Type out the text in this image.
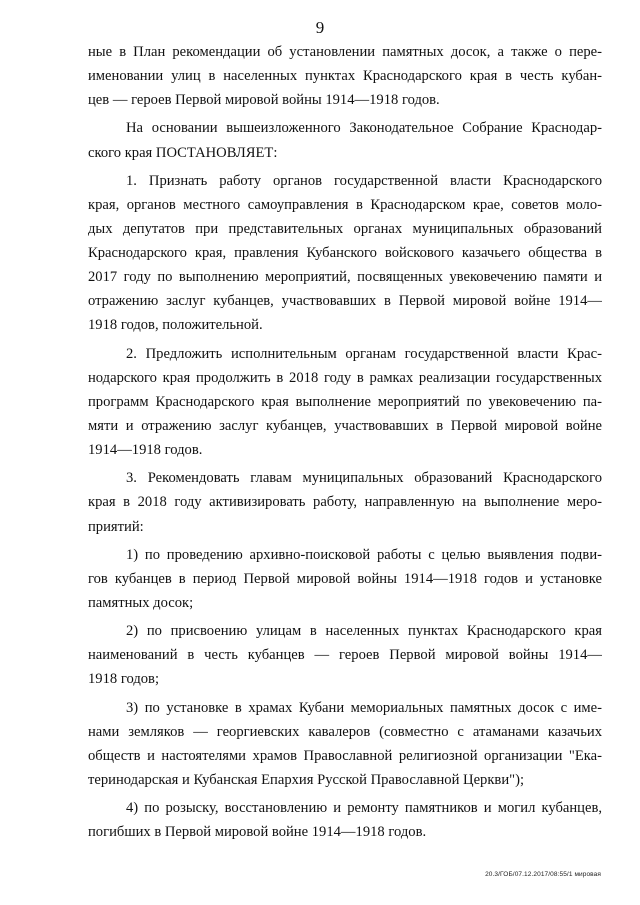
9
ные в План рекомендации об установлении памятных досок, а также о пере-
именовании улиц в населенных пунктах Краснодарского края в честь кубан-
цев — героев Первой мировой войны 1914—1918 годов.
На основании вышеизложенного Законодательное Собрание Краснодар-
ского края ПОСТАНОВЛЯЕТ:
1. Признать работу органов государственной власти Краснодарского
края, органов местного самоуправления в Краснодарском крае, советов моло-
дых депутатов при представительных органах муниципальных образований
Краснодарского края, правления Кубанского войскового казачьего общества в
2017 году по выполнению мероприятий, посвященных увековечению памяти и
отражению заслуг кубанцев, участвовавших в Первой мировой войне 1914—
1918 годов, положительной.
2. Предложить исполнительным органам государственной власти Крас-
нодарского края продолжить в 2018 году в рамках реализации государственных
программ Краснодарского края выполнение мероприятий по увековечению па-
мяти и отражению заслуг кубанцев, участвовавших в Первой мировой войне
1914—1918 годов.
3. Рекомендовать главам муниципальных образований Краснодарского
края в 2018 году активизировать работу, направленную на выполнение меро-
приятий:
1) по проведению архивно-поисковой работы с целью выявления подви-
гов кубанцев в период Первой мировой войны 1914—1918 годов и установке
памятных досок;
2) по присвоению улицам в населенных пунктах Краснодарского края
наименований в честь кубанцев — героев Первой мировой войны 1914—
1918 годов;
3) по установке в храмах Кубани мемориальных памятных досок с име-
нами земляков — георгиевских кавалеров (совместно с атаманами казачьих
обществ и настоятелями храмов Православной религиозной организации "Ека-
теринодарская и Кубанская Епархия Русской Православной Церкви");
4) по розыску, восстановлению и ремонту памятников и могил кубанцев,
погибших в Первой мировой войне 1914—1918 годов.
20.3/ГОБ/07.12.2017/08:55/1 мировая
